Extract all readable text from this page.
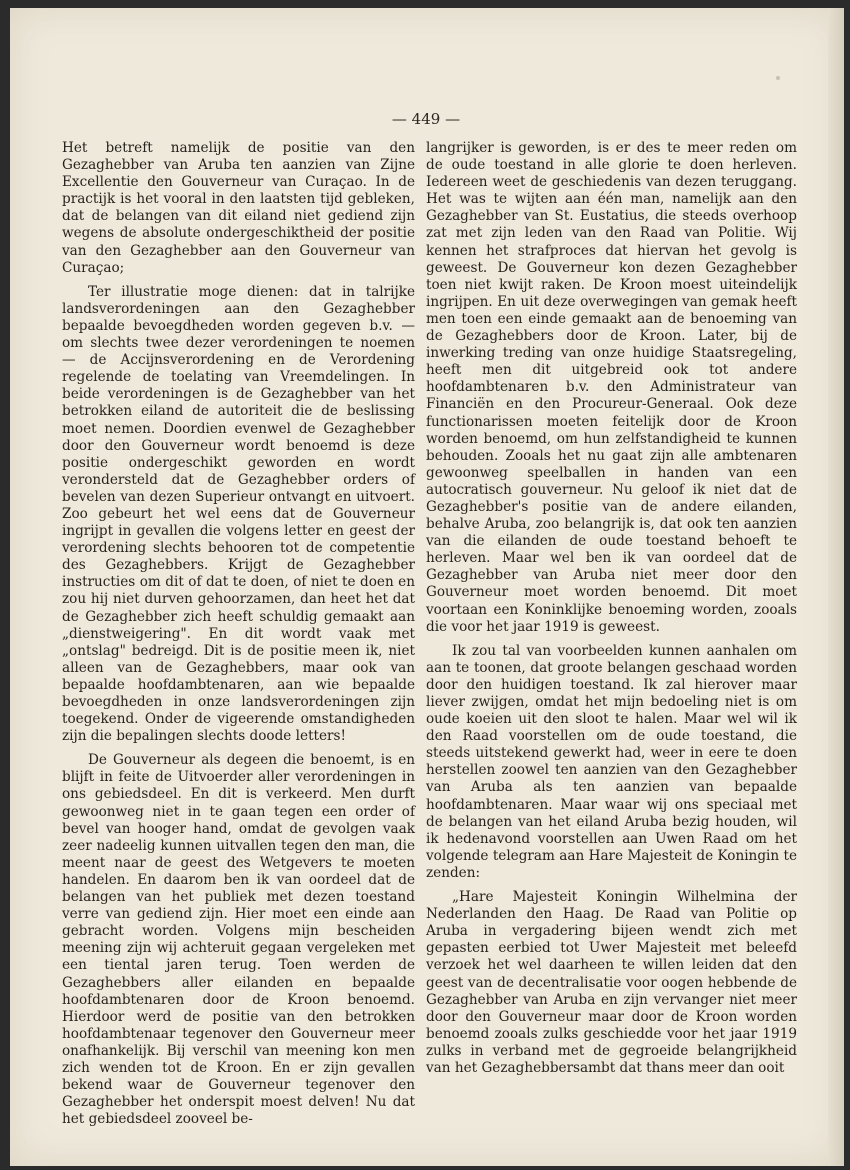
— 449 —

Het betreft namelijk de positie van den Gezaghebber van Aruba ten aanzien van Zijne Excellentie den Gouverneur van Curaçao. In de practijk is het vooral in den laatsten tijd gebleken, dat de belangen van dit eiland niet gediend zijn wegens de absolute ondergeschiktheid der positie van den Gezaghebber aan den Gouverneur van Curaçao;

Ter illustratie moge dienen: dat in talrijke landsverordeningen aan den Gezaghebber bepaalde bevoegdheden worden gegeven b.v. — om slechts twee dezer verordeningen te noemen — de Accijnsverordening en de Verordening regelende de toelating van Vreemdelingen. In beide verordeningen is de Gezaghebber van het betrokken eiland de autoriteit die de beslissing moet nemen. Doordien evenwel de Gezaghebber door den Gouverneur wordt benoemd is deze positie ondergeschikt geworden en wordt verondersteld dat de Gezaghebber orders of bevelen van dezen Superieur ontvangt en uitvoert. Zoo gebeurt het wel eens dat de Gouverneur ingrijpt in gevallen die volgens letter en geest der verordening slechts behooren tot de competentie des Gezaghebbers. Krijgt de Gezaghebber instructies om dit of dat te doen, of niet te doen en zou hij niet durven gehoorzamen, dan heet het dat de Gezaghebber zich heeft schuldig gemaakt aan „dienstweigering". En dit wordt vaak met „ontslag" bedreigd. Dit is de positie meen ik, niet alleen van de Gezaghebbers, maar ook van bepaalde hoofdambtenaren, aan wie bepaalde bevoegdheden in onze landsverordeningen zijn toegekend. Onder de vigeerende omstandigheden zijn die bepalingen slechts doode letters!

De Gouverneur als degeen die benoemt, is en blijft in feite de Uitvoerder aller verordeningen in ons gebiedsdeel. En dit is verkeerd. Men durft gewoonweg niet in te gaan tegen een order of bevel van hooger hand, omdat de gevolgen vaak zeer nadeelig kunnen uitvallen tegen den man, die meent naar de geest des Wetgevers te moeten handelen. En daarom ben ik van oordeel dat de belangen van het publiek met dezen toestand verre van gediend zijn. Hier moet een einde aan gebracht worden. Volgens mijn bescheiden meening zijn wij achteruit gegaan vergeleken met een tiental jaren terug. Toen werden de Gezaghebbers aller eilanden en bepaalde hoofdambtenaren door de Kroon benoemd. Hierdoor werd de positie van den betrokken hoofdambtenaar tegenover den Gouverneur meer onafhankelijk. Bij verschil van meening kon men zich wenden tot de Kroon. En er zijn gevallen bekend waar de Gouverneur tegenover den Gezaghebber het onderspit moest delven! Nu dat het gebiedsdeel zooveel be-

langrijker is geworden, is er des te meer reden om de oude toestand in alle glorie te doen herleven. Iedereen weet de geschiedenis van dezen teruggang. Het was te wijten aan één man, namelijk aan den Gezaghebber van St. Eustatius, die steeds overhoop zat met zijn leden van den Raad van Politie. Wij kennen het strafproces dat hiervan het gevolg is geweest. De Gouverneur kon dezen Gezaghebber toen niet kwijt raken. De Kroon moest uiteindelijk ingrijpen. En uit deze overwegingen van gemak heeft men toen een einde gemaakt aan de benoeming van de Gezaghebbers door de Kroon. Later, bij de inwerking treding van onze huidige Staatsregeling, heeft men dit uitgebreid ook tot andere hoofdambtenaren b.v. den Administrateur van Financiën en den Procureur-Generaal. Ook deze functionarissen moeten feitelijk door de Kroon worden benoemd, om hun zelfstandigheid te kunnen behouden. Zooals het nu gaat zijn alle ambtenaren gewoonweg speelballen in handen van een autocratisch gouverneur. Nu geloof ik niet dat de Gezaghebber's positie van de andere eilanden, behalve Aruba, zoo belangrijk is, dat ook ten aanzien van die eilanden de oude toestand behoeft te herleven. Maar wel ben ik van oordeel dat de Gezaghebber van Aruba niet meer door den Gouverneur moet worden benoemd. Dit moet voortaan een Koninklijke benoeming worden, zooals die voor het jaar 1919 is geweest.

Ik zou tal van voorbeelden kunnen aanhalen om aan te toonen, dat groote belangen geschaad worden door den huidigen toestand. Ik zal hierover maar liever zwijgen, omdat het mijn bedoeling niet is om oude koeien uit den sloot te halen. Maar wel wil ik den Raad voorstellen om de oude toestand, die steeds uitstekend gewerkt had, weer in eere te doen herstellen zoowel ten aanzien van den Gezaghebber van Aruba als ten aanzien van bepaalde hoofdambtenaren. Maar waar wij ons speciaal met de belangen van het eiland Aruba bezig houden, wil ik hedenavond voorstellen aan Uwen Raad om het volgende telegram aan Hare Majesteit de Koningin te zenden:

„Hare Majesteit Koningin Wilhelmina der Nederlanden den Haag. De Raad van Politie op Aruba in vergadering bijeen wendt zich met gepasten eerbied tot Uwer Majesteit met beleefd verzoek het wel daarheen te willen leiden dat den geest van de decentralisatie voor oogen hebbende de Gezaghebber van Aruba en zijn vervanger niet meer door den Gouverneur maar door de Kroon worden benoemd zooals zulks geschiedde voor het jaar 1919 zulks in verband met de gegroeide belangrijkheid van het Gezaghebbersambt dat thans meer dan ooit
